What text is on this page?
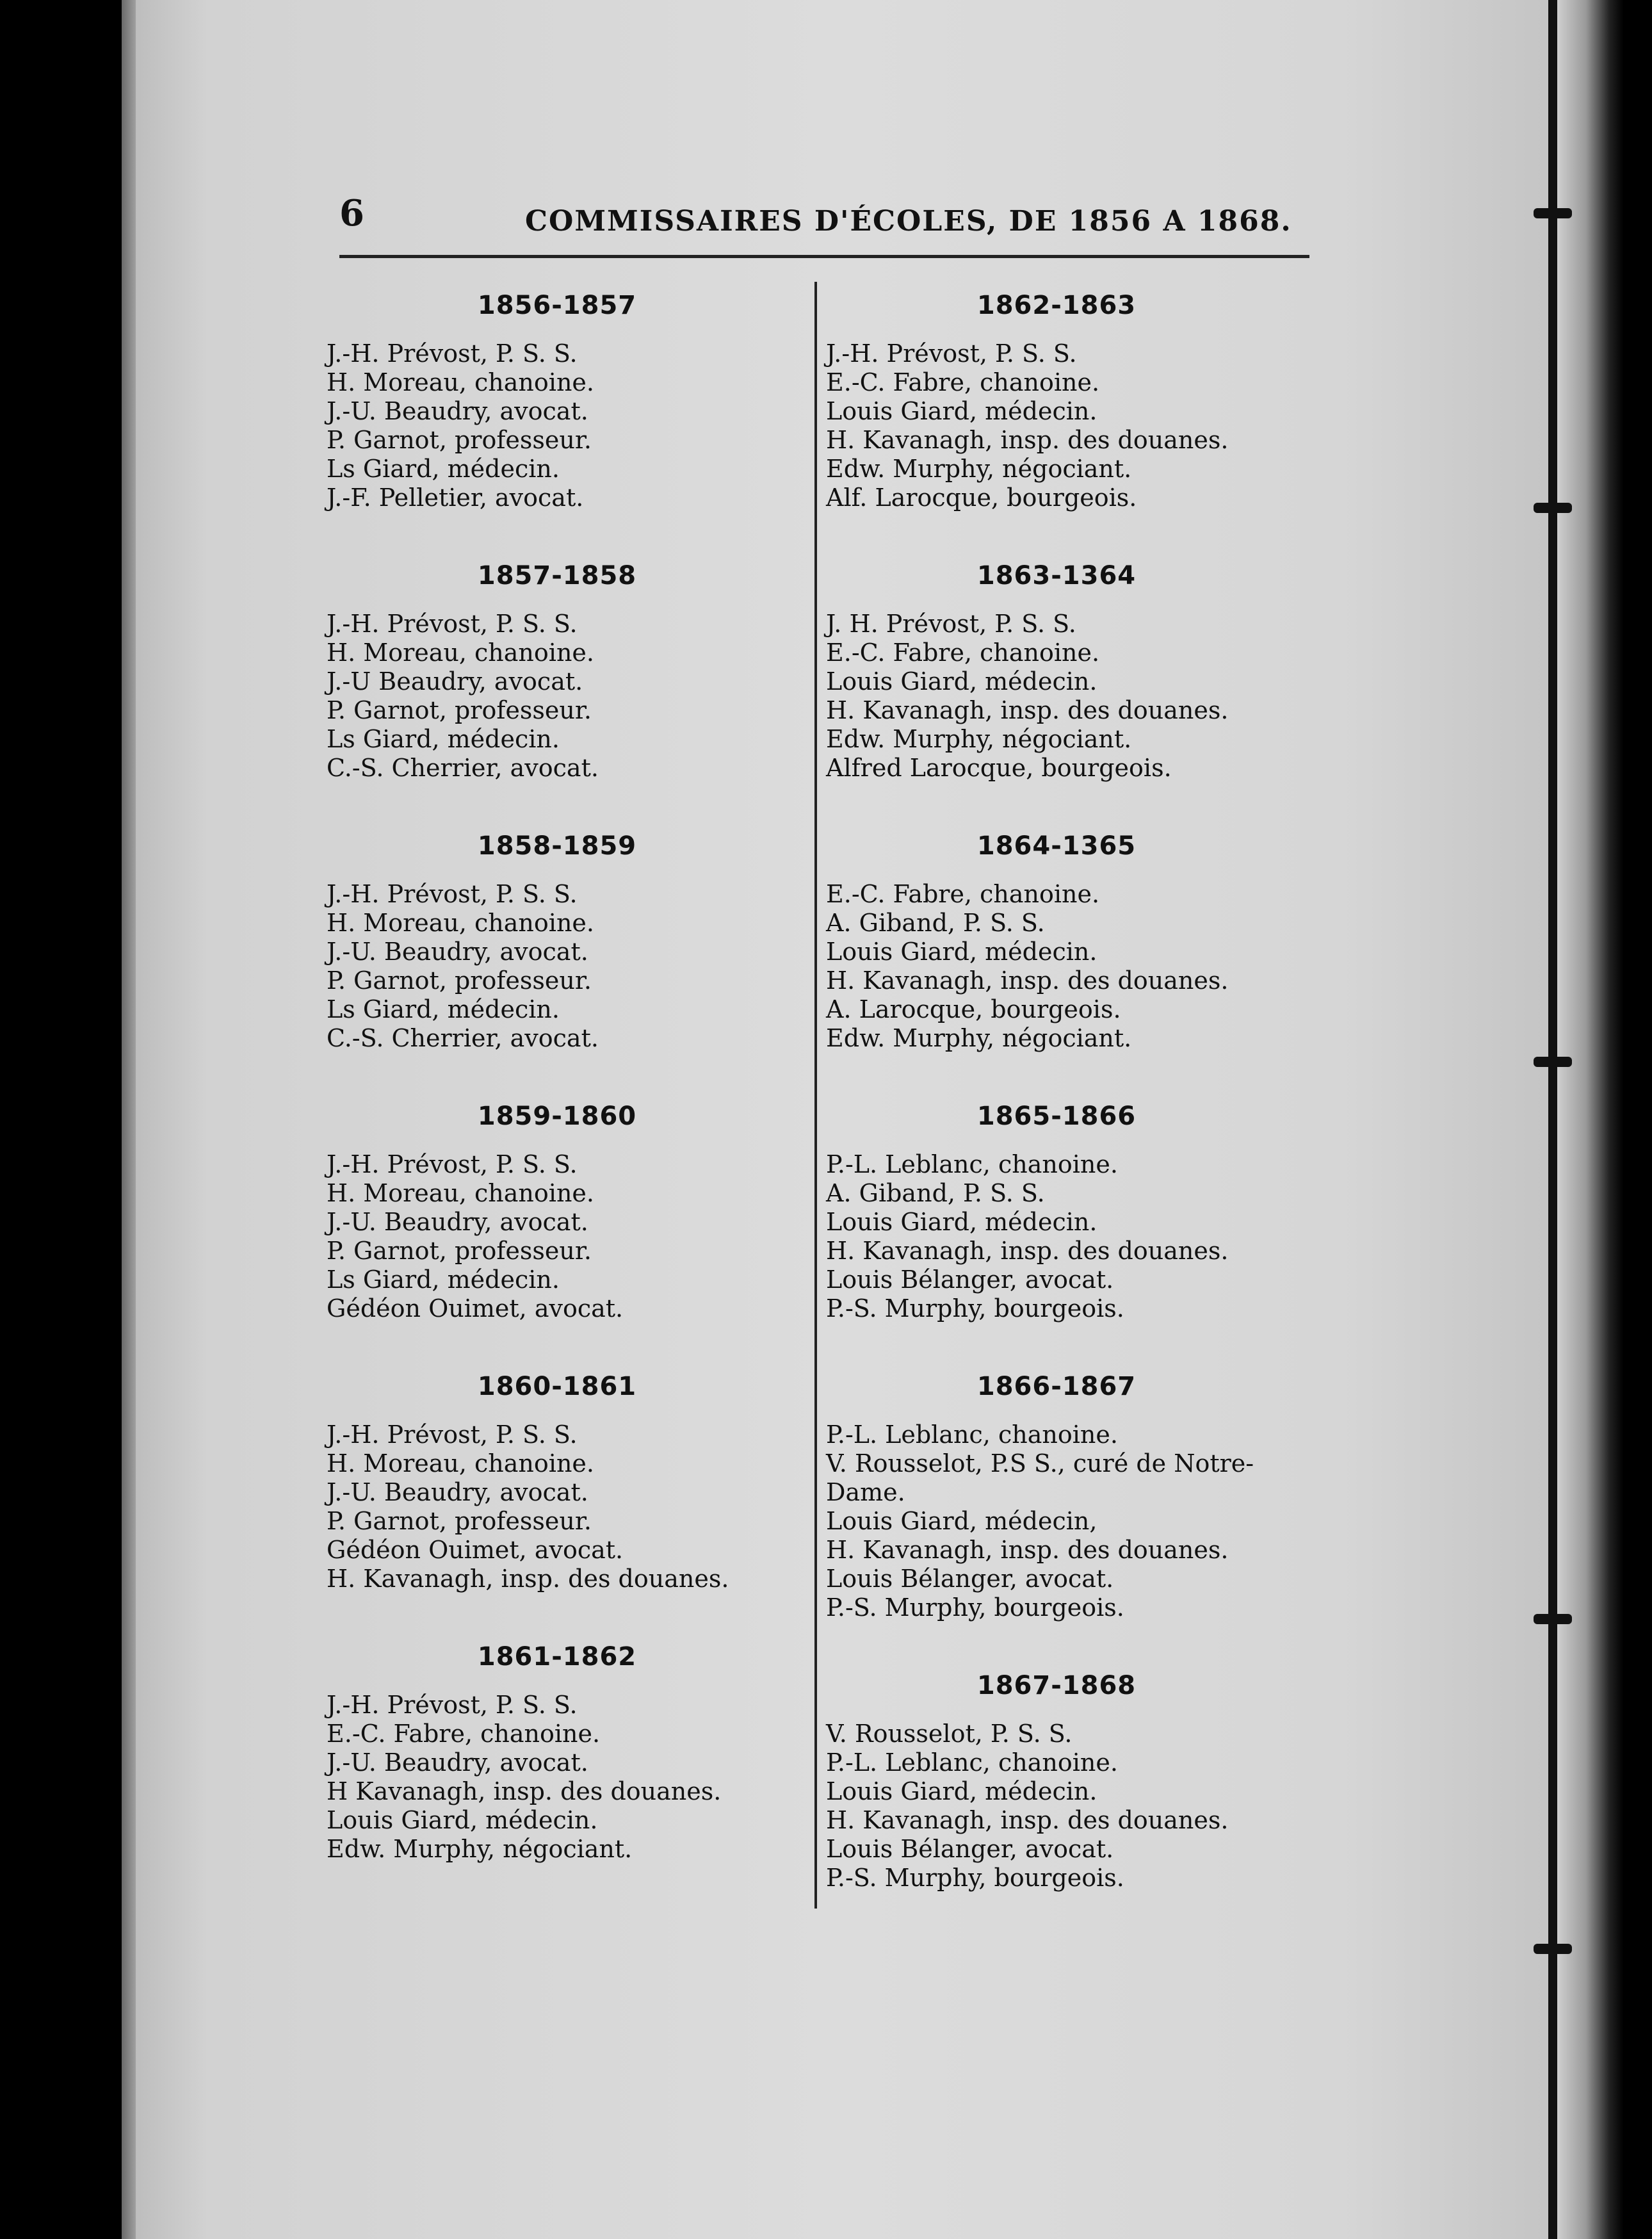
6	COMMISSAIRES D'ÉCOLES, DE 1856 A 1868.
1856-1857
J.-H. Prévost, P. S. S.
H. Moreau, chanoine.
J.-U. Beaudry, avocat.
P. Garnot, professeur.
Ls Giard, médecin.
J.-F. Pelletier, avocat.
1857-1858
J.-H. Prévost, P. S. S.
H. Moreau, chanoine.
J.-U Beaudry, avocat.
P. Garnot, professeur.
Ls Giard, médecin.
C.-S. Cherrier, avocat.
1858-1859
J.-H. Prévost, P. S. S.
H. Moreau, chanoine.
J.-U. Beaudry, avocat.
P. Garnot, professeur.
Ls Giard, médecin.
C.-S. Cherrier, avocat.
1859-1860
J.-H. Prévost, P. S. S.
H. Moreau, chanoine.
J.-U. Beaudry, avocat.
P. Garnot, professeur.
Ls Giard, médecin.
Gédéon Ouimet, avocat.
1860-1861
J.-H. Prévost, P. S. S.
H. Moreau, chanoine.
J.-U. Beaudry, avocat.
P. Garnot, professeur.
Gédéon Ouimet, avocat.
H. Kavanagh, insp. des douanes.
1861-1862
J.-H. Prévost, P. S. S.
E.-C. Fabre, chanoine.
J.-U. Beaudry, avocat.
H Kavanagh, insp. des douanes.
Louis Giard, médecin.
Edw. Murphy, négociant.
1862-1863
J.-H. Prévost, P. S. S.
E.-C. Fabre, chanoine.
Louis Giard, médecin.
H. Kavanagh, insp. des douanes.
Edw. Murphy, négociant.
Alf. Larocque, bourgeois.
1863-1364
J. H. Prévost, P. S. S.
E.-C. Fabre, chanoine.
Louis Giard, médecin.
H. Kavanagh, insp. des douanes.
Edw. Murphy, négociant.
Alfred Larocque, bourgeois.
1864-1365
E.-C. Fabre, chanoine.
A. Giband, P. S. S.
Louis Giard, médecin.
H. Kavanagh, insp. des douanes.
A. Larocque, bourgeois.
Edw. Murphy, négociant.
1865-1866
P.-L. Leblanc, chanoine.
A. Giband, P. S. S.
Louis Giard, médecin.
H. Kavanagh, insp. des douanes.
Louis Bélanger, avocat.
P.-S. Murphy, bourgeois.
1866-1867
P.-L. Leblanc, chanoine.
V. Rousselot, P.S S., curé de Notre-
Dame.
Louis Giard, médecin,
H. Kavanagh, insp. des douanes.
Louis Bélanger, avocat.
P.-S. Murphy, bourgeois.
1867-1868
V. Rousselot, P. S. S.
P.-L. Leblanc, chanoine.
Louis Giard, médecin.
H. Kavanagh, insp. des douanes.
Louis Bélanger, avocat.
P.-S. Murphy, bourgeois.
